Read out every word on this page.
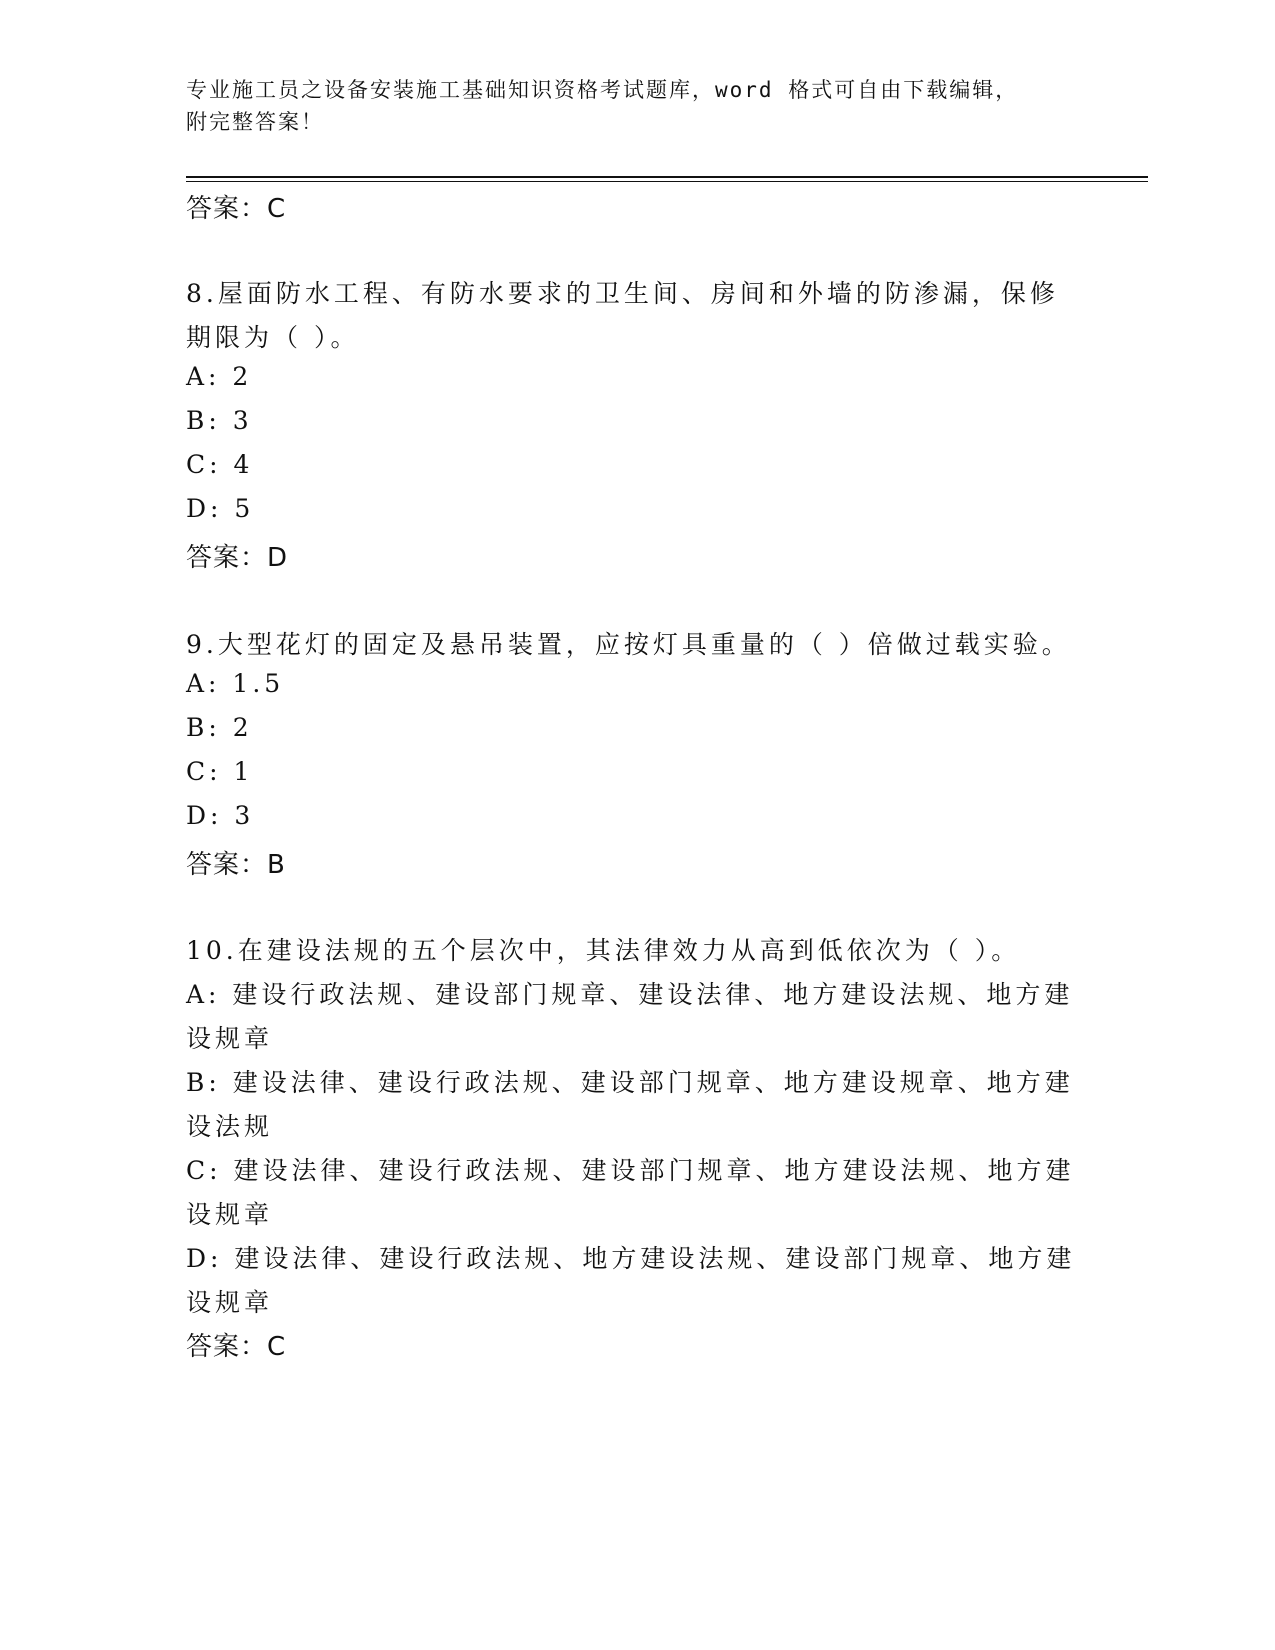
专业施工员之设备安装施工基础知识资格考试题库，word 格式可自由下载编辑，
附完整答案！
答案：C
8.屋面防水工程、有防水要求的卫生间、房间和外墙的防渗漏，保修
期限为（ ）。
A: 2
B: 3
C: 4
D: 5
答案：D
9.大型花灯的固定及悬吊装置，应按灯具重量的（ ）倍做过载实验。
A: 1.5
B: 2
C: 1
D: 3
答案：B
10.在建设法规的五个层次中，其法律效力从高到低依次为（ ）。
A: 建设行政法规、建设部门规章、建设法律、地方建设法规、地方建
设规章
B: 建设法律、建设行政法规、建设部门规章、地方建设规章、地方建
设法规
C: 建设法律、建设行政法规、建设部门规章、地方建设法规、地方建
设规章
D: 建设法律、建设行政法规、地方建设法规、建设部门规章、地方建
设规章
答案：C
